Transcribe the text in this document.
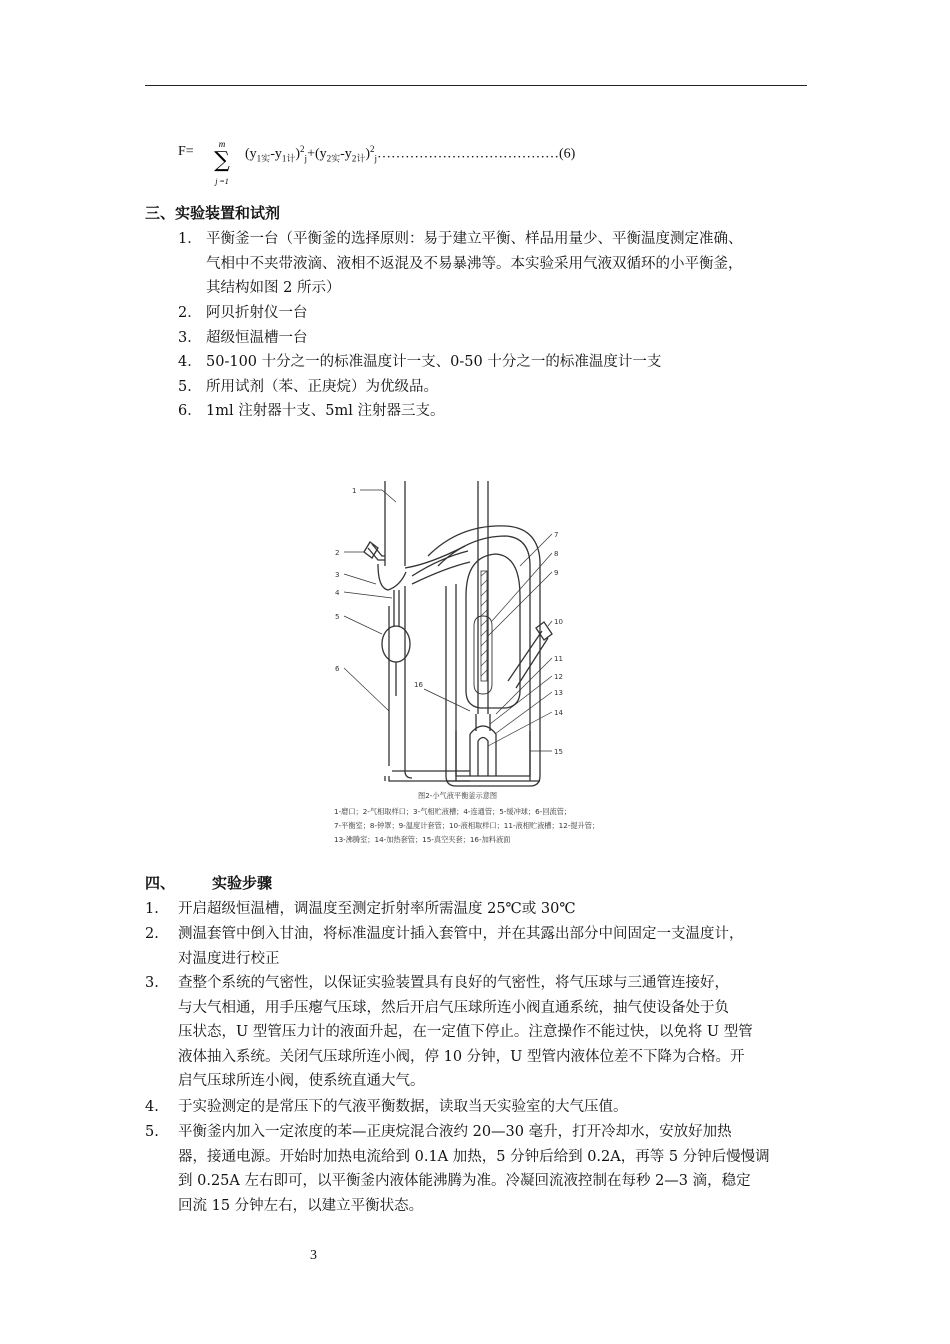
F=	m
∑
j =1
$(y_{1实}-y_{1计})^2_j+(y_{2实}-y_{2计})^2_j\dots\dots\dots\dots\dots\dots\dots\dots\dots\dots\dots\dots\dots(6)$
三、实验装置和试剂
1． 平衡釜一台（平衡釜的选择原则：易于建立平衡、样品用量少、平衡温度测定准确、
气相中不夹带液滴、液相不返混及不易暴沸等。本实验采用气液双循环的小平衡釜，
其结构如图 2 所示）
2． 阿贝折射仪一台
3． 超级恒温槽一台
4． 50-100 十分之一的标准温度计一支、0-50 十分之一的标准温度计一支
5． 所用试剂（苯、正庚烷）为优级品。
6． 1ml 注射器十支、5ml 注射器三支。
1
2
3
4
5
6
7
8
9
10
11
12
13
14
15
16
图2-小气液平衡釜示意图
1-磨口；2-气相取样口；3-气相贮液槽；4-连通管；5-缓冲球；6-回流管；
7-平衡室；8-钟罩；9-温度计套管；10-液相取样口；11-液相贮液槽；12-提升管；
13-沸腾室；14-加热套管；15-真空夹套；16-加料液面
四、 实验步骤
1. 开启超级恒温槽，调温度至测定折射率所需温度 25℃或 30℃
2. 测温套管中倒入甘油，将标准温度计插入套管中，并在其露出部分中间固定一支温度计，
对温度进行校正
3. 查整个系统的气密性，以保证实验装置具有良好的气密性，将气压球与三通管连接好，
与大气相通，用手压瘪气压球，然后开启气压球所连小阀直通系统，抽气使设备处于负
压状态，U 型管压力计的液面升起，在一定值下停止。注意操作不能过快，以免将 U 型管
液体抽入系统。关闭气压球所连小阀，停 10 分钟，U 型管内液体位差不下降为合格。开
启气压球所连小阀，使系统直通大气。
4. 于实验测定的是常压下的气液平衡数据，读取当天实验室的大气压值。
5. 平衡釜内加入一定浓度的苯—正庚烷混合液约 20—30 毫升，打开冷却水，安放好加热
器，接通电源。开始时加热电流给到 0.1A 加热，5 分钟后给到 0.2A，再等 5 分钟后慢慢调
到 0.25A 左右即可，以平衡釜内液体能沸腾为准。冷凝回流液控制在每秒 2—3 滴，稳定
回流 15 分钟左右，以建立平衡状态。
3
